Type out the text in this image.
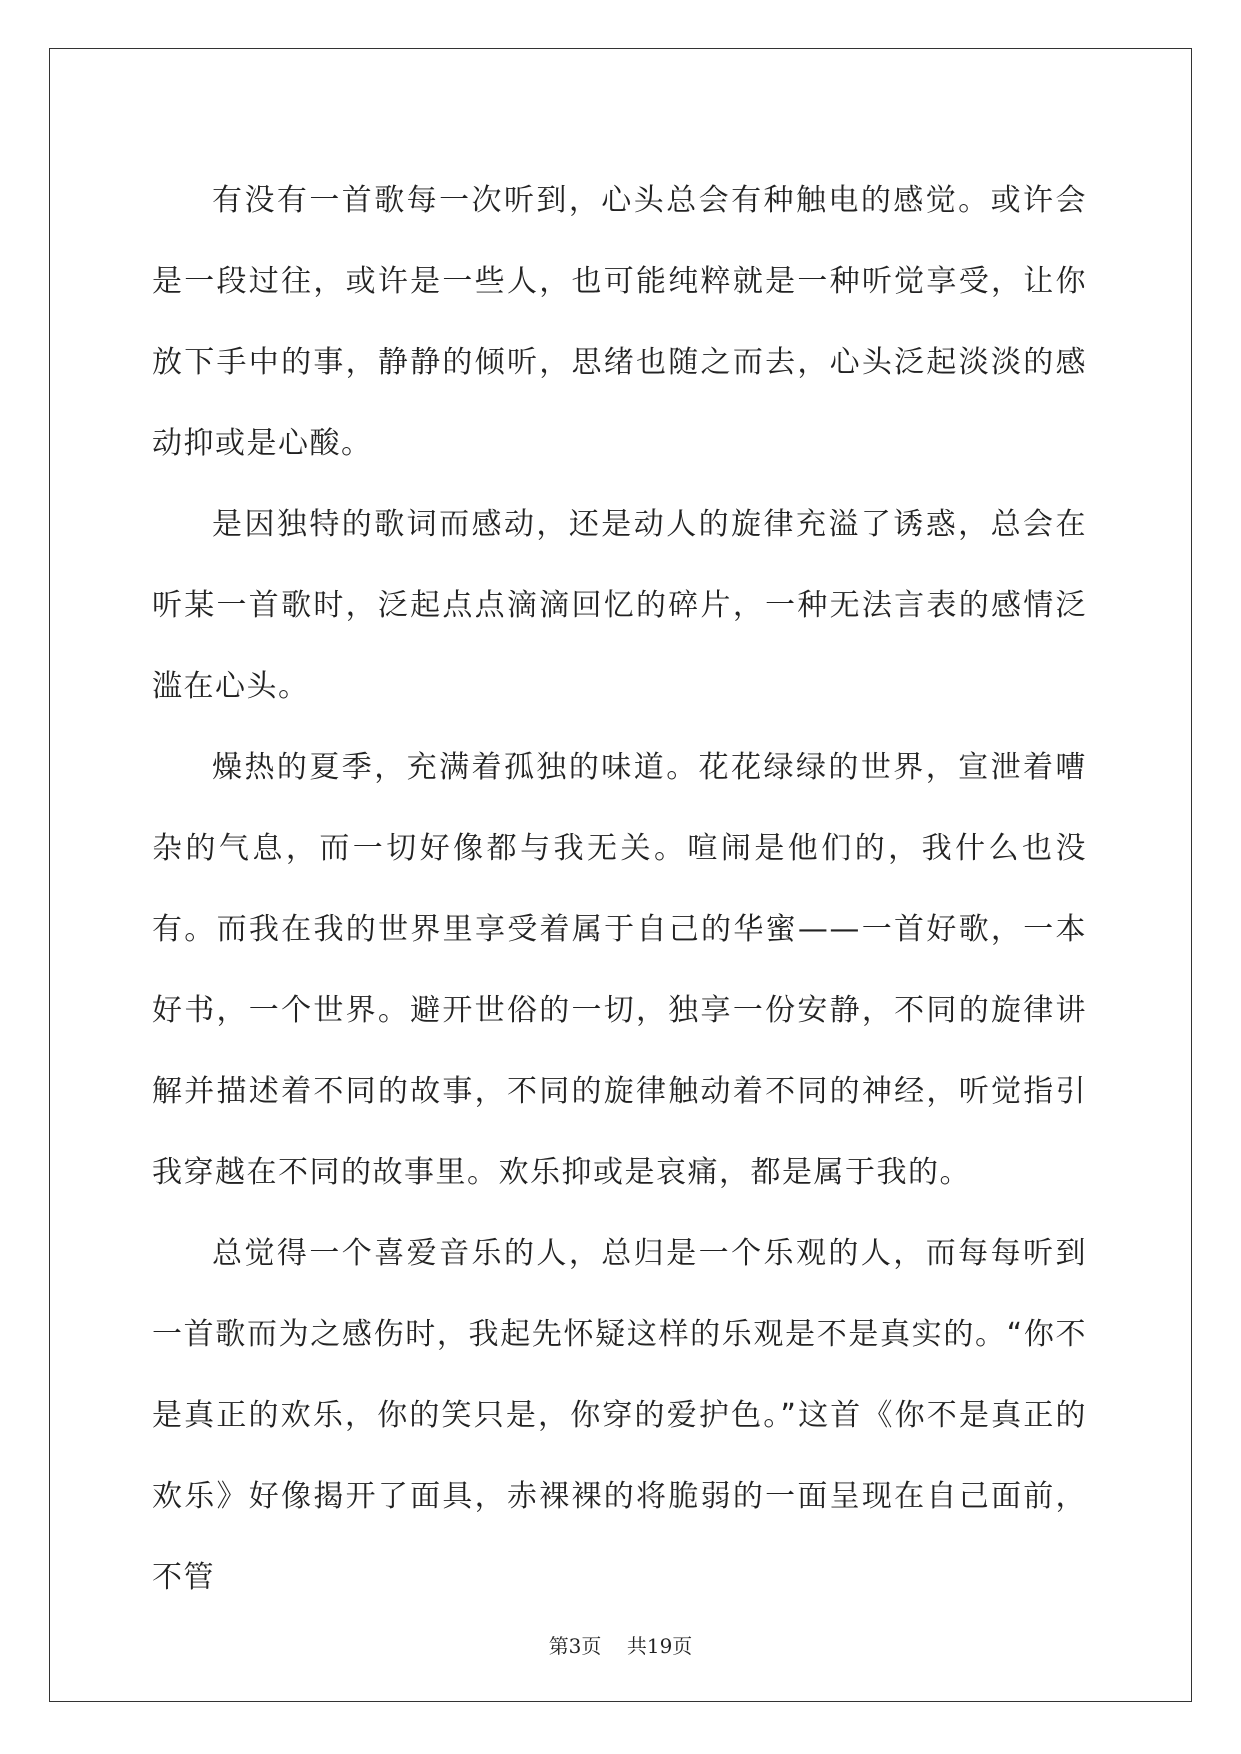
有没有一首歌每一次听到，心头总会有种触电的感觉。或许会是一段过往，或许是一些人，也可能纯粹就是一种听觉享受，让你放下手中的事，静静的倾听，思绪也随之而去，心头泛起淡淡的感动抑或是心酸。

是因独特的歌词而感动，还是动人的旋律充溢了诱惑，总会在听某一首歌时，泛起点点滴滴回忆的碎片，一种无法言表的感情泛滥在心头。

燥热的夏季，充满着孤独的味道。花花绿绿的世界，宣泄着嘈杂的气息，而一切好像都与我无关。喧闹是他们的，我什么也没有。而我在我的世界里享受着属于自己的华蜜——一首好歌，一本好书，一个世界。避开世俗的一切，独享一份安静，不同的旋律讲解并描述着不同的故事，不同的旋律触动着不同的神经，听觉指引我穿越在不同的故事里。欢乐抑或是哀痛，都是属于我的。

总觉得一个喜爱音乐的人，总归是一个乐观的人，而每每听到一首歌而为之感伤时，我起先怀疑这样的乐观是不是真实的。“你不是真正的欢乐，你的笑只是，你穿的爱护色。”这首《你不是真正的欢乐》好像揭开了面具，赤裸裸的将脆弱的一面呈现在自己面前，不管

第3页 共19页
